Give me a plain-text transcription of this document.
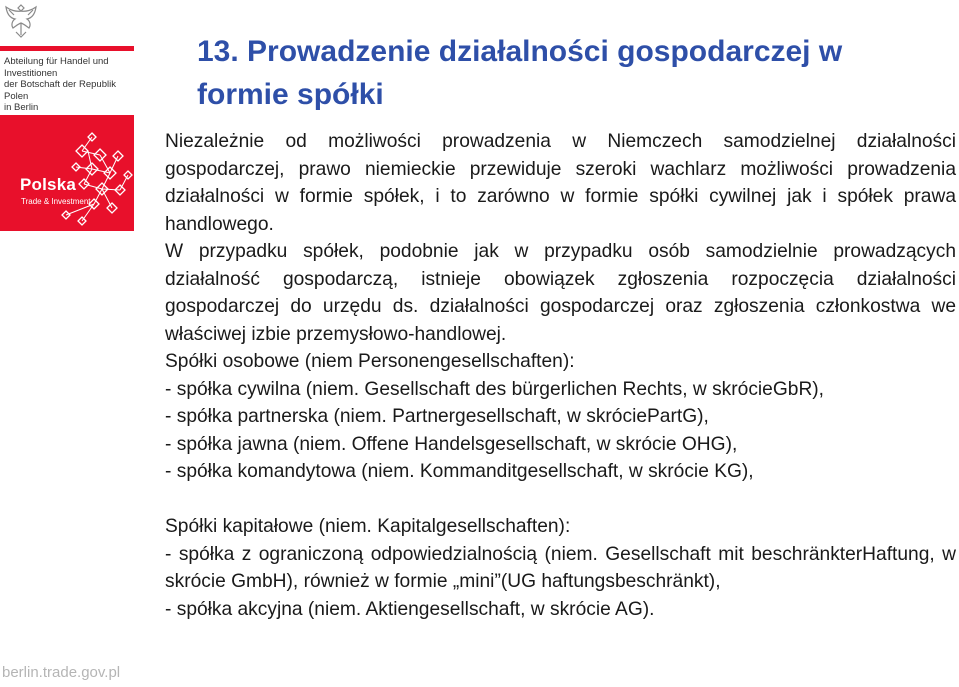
Abteilung für Handel und Investitionen
der Botschaft der Republik Polen
in Berlin
Polska
Trade & Investment
berlin.trade.gov.pl
13. Prowadzenie działalności gospodarczej w formie spółki

Niezależnie od możliwości prowadzenia w Niemczech samodzielnej działalności gospodarczej, prawo niemieckie przewiduje szeroki wachlarz możliwości prowadzenia działalności w formie spółek, i to zarówno w formie spółki cywilnej jak i spółek prawa handlowego.

W przypadku spółek, podobnie jak w przypadku osób samodzielnie prowadzących działalność gospodarczą, istnieje obowiązek zgłoszenia rozpoczęcia działalności gospodarczej do urzędu ds. działalności gospodarczej oraz zgłoszenia członkostwa we właściwej izbie przemysłowo-handlowej.

Spółki osobowe (niem Personengesellschaften):

- spółka cywilna (niem. Gesellschaft des bürgerlichen Rechts, w skrócieGbR),

- spółka partnerska (niem. Partnergesellschaft, w skróciePartG),

- spółka jawna (niem. Offene Handelsgesellschaft, w skrócie OHG),

- spółka komandytowa (niem. Kommanditgesellschaft, w skrócie KG),

Spółki kapitałowe (niem. Kapitalgesellschaften):

- spółka z ograniczoną odpowiedzialnością (niem. Gesellschaft mit beschränkterHaftung, w skrócie GmbH), również w formie „mini”(UG haftungsbeschränkt),

- spółka akcyjna (niem. Aktiengesellschaft, w skrócie AG).
